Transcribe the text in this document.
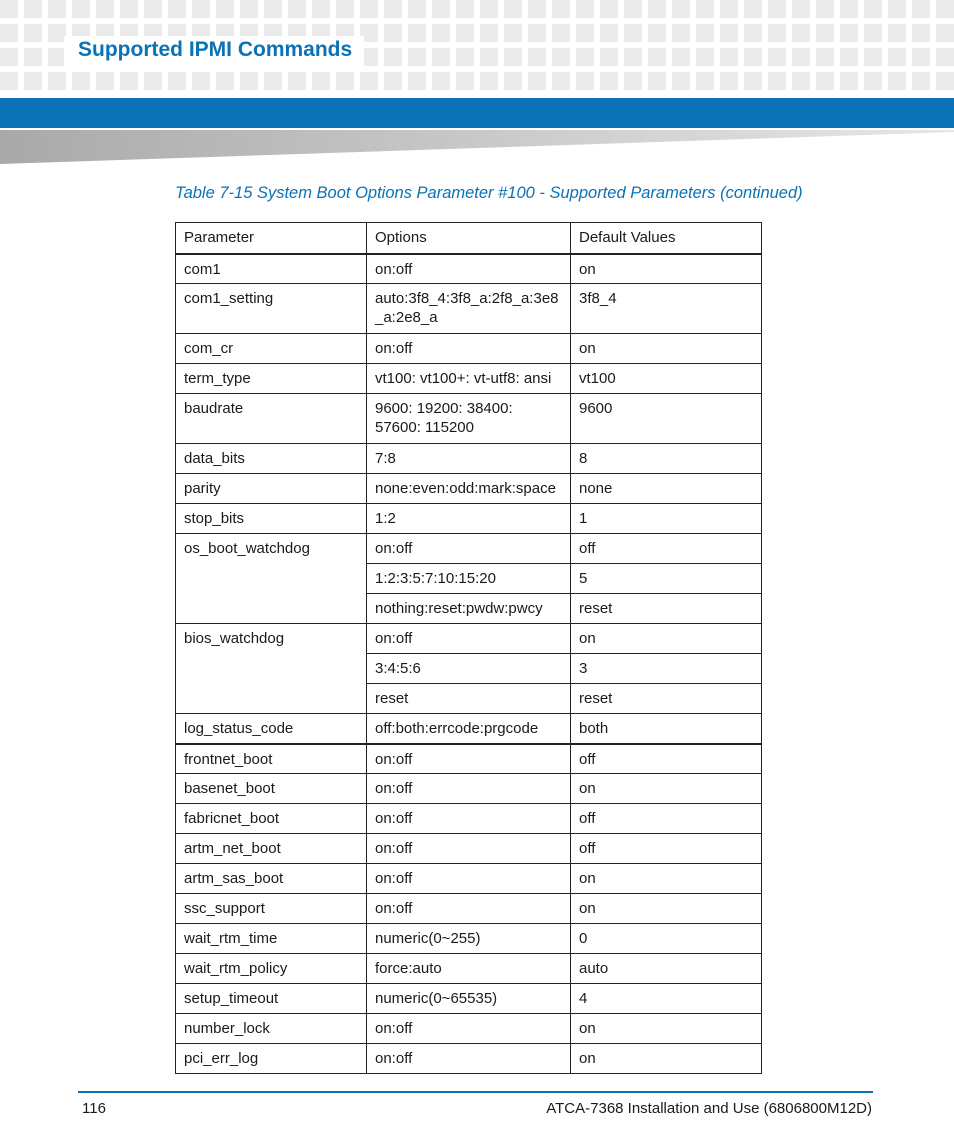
Supported IPMI Commands
Table 7-15 System Boot Options Parameter #100 - Supported Parameters (continued)
Parameter	Options	Default Values
com1	on:off	on
com1_setting	auto:3f8_4:3f8_a:2f8_a:3e8_a:2e8_a	3f8_4
com_cr	on:off	on
term_type	vt100: vt100+: vt-utf8: ansi	vt100
baudrate	9600: 19200: 38400: 57600: 115200	9600
data_bits	7:8	8
parity	none:even:odd:mark:space	none
stop_bits	1:2	1
os_boot_watchdog	on:off	off
	1:2:3:5:7:10:15:20	5
	nothing:reset:pwdw:pwcy	reset
bios_watchdog	on:off	on
	3:4:5:6	3
	reset	reset
log_status_code	off:both:errcode:prgcode	both
frontnet_boot	on:off	off
basenet_boot	on:off	on
fabricnet_boot	on:off	off
artm_net_boot	on:off	off
artm_sas_boot	on:off	on
ssc_support	on:off	on
wait_rtm_time	numeric(0~255)	0
wait_rtm_policy	force:auto	auto
setup_timeout	numeric(0~65535)	4
number_lock	on:off	on
pci_err_log	on:off	on
116	ATCA-7368 Installation and Use (6806800M12D)
